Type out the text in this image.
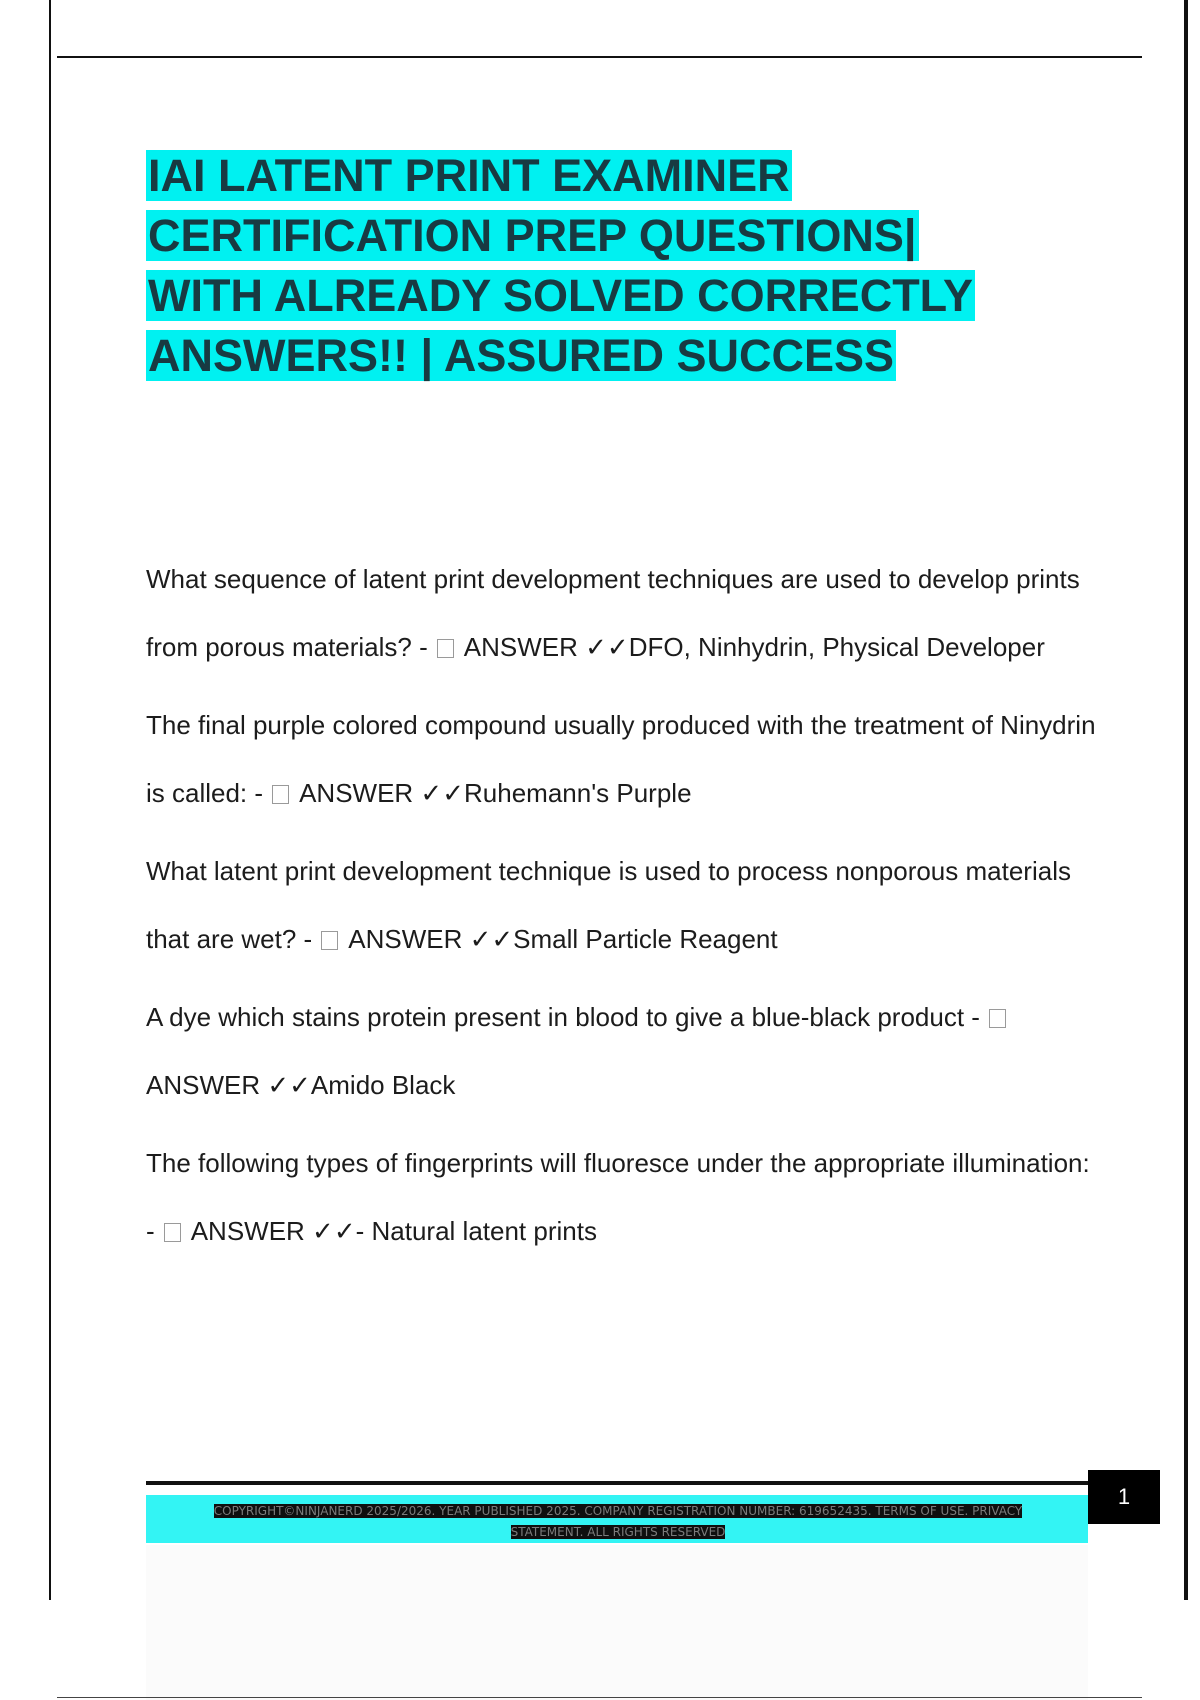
IAI LATENT PRINT EXAMINER
CERTIFICATION PREP QUESTIONS|
WITH ALREADY SOLVED CORRECTLY
ANSWERS!! | ASSURED SUCCESS

What sequence of latent print development techniques are used to develop prints from porous materials? - ANSWER ✓✓DFO, Ninhydrin, Physical Developer

The final purple colored compound usually produced with the treatment of Ninydrin is called: - ANSWER ✓✓Ruhemann's Purple

What latent print development technique is used to process nonporous materials that are wet? - ANSWER ✓✓Small Particle Reagent

A dye which stains protein present in blood to give a blue-black product -  ANSWER ✓✓Amido Black

The following types of fingerprints will fluoresce under the appropriate illumination: - ANSWER ✓✓- Natural latent prints

1
COPYRIGHT©NINJANERD 2025/2026. YEAR PUBLISHED 2025. COMPANY REGISTRATION NUMBER: 619652435. TERMS OF USE. PRIVACY
STATEMENT. ALL RIGHTS RESERVED
